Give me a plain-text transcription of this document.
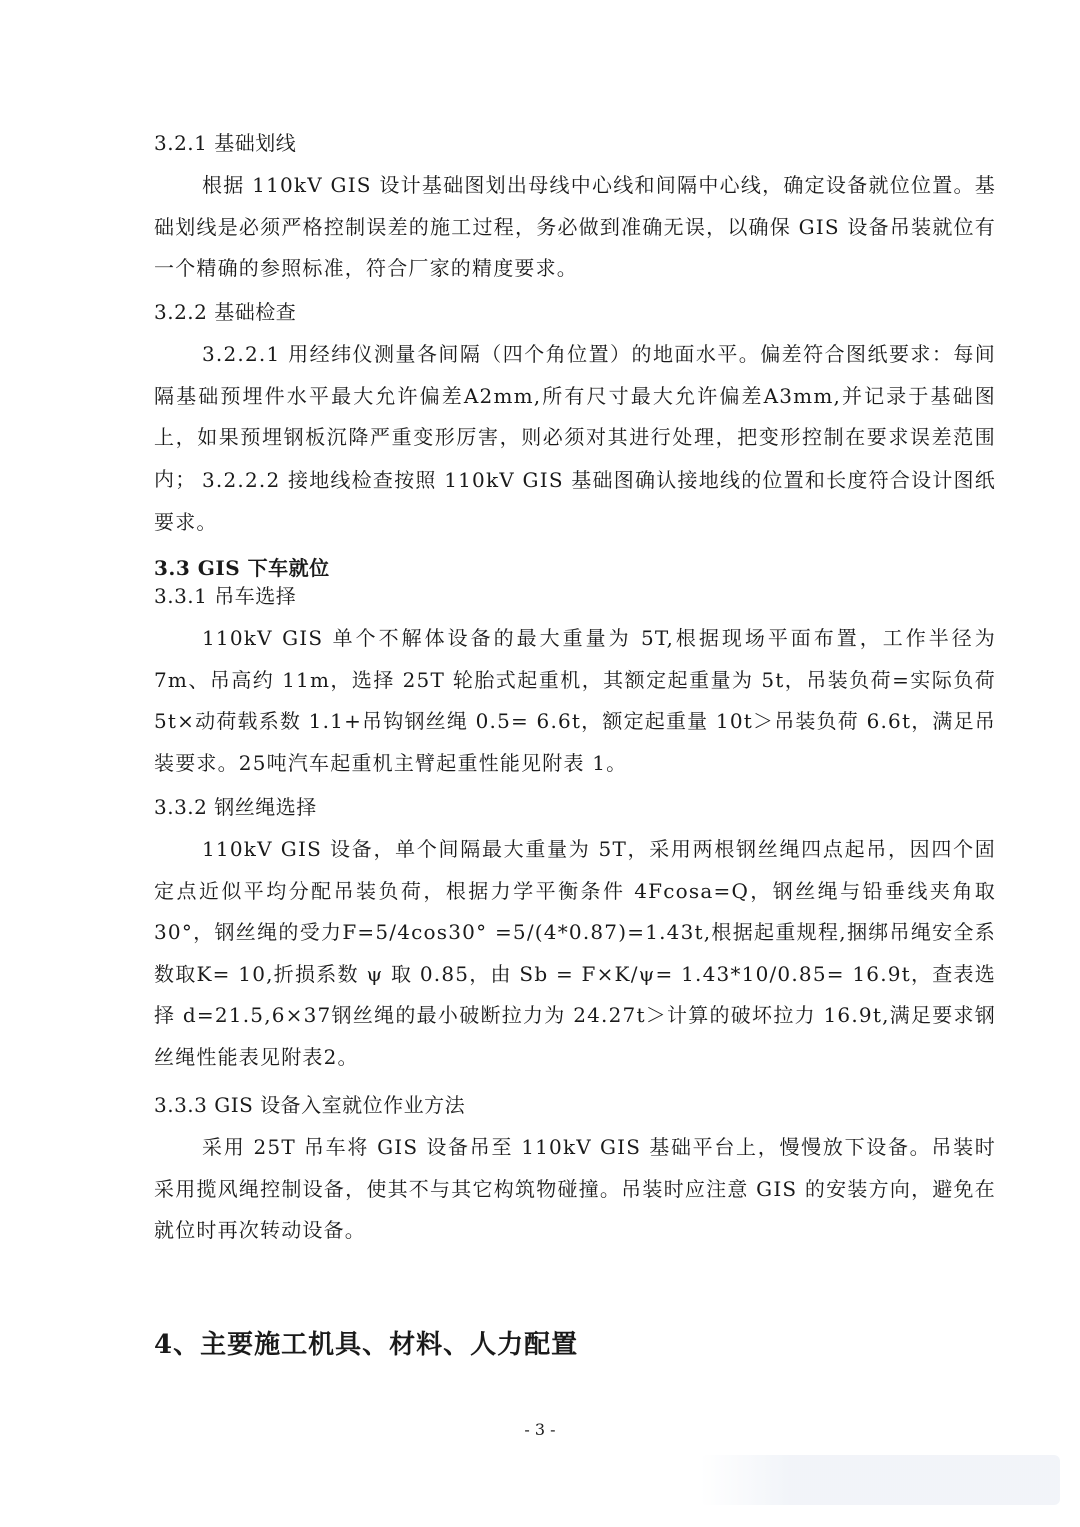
3.2.1 基础划线

根据 110kV GIS 设计基础图划出母线中心线和间隔中心线，确定设备就位位置。基础划线是必须严格控制误差的施工过程，务必做到准确无误，以确保 GIS 设备吊装就位有一个精确的参照标准，符合厂家的精度要求。

3.2.2 基础检查

3.2.2.1 用经纬仪测量各间隔（四个角位置）的地面水平。偏差符合图纸要求：每间隔基础预埋件水平最大允许偏差A2mm,所有尺寸最大允许偏差A3mm,并记录于基础图上，如果预埋钢板沉降严重变形厉害，则必须对其进行处理，把变形控制在要求误差范围内； 3.2.2.2 接地线检查按照 110kV GIS 基础图确认接地线的位置和长度符合设计图纸要求。

3.3 GIS 下车就位
3.3.1 吊车选择

110kV GIS 单个不解体设备的最大重量为 5T,根据现场平面布置，工作半径为 7m、吊高约 11m，选择 25T 轮胎式起重机，其额定起重量为 5t，吊装负荷=实际负荷 5t×动荷载系数 1.1+吊钩钢丝绳 0.5= 6.6t，额定起重量 10t＞吊装负荷 6.6t，满足吊装要求。25吨汽车起重机主臂起重性能见附表 1。

3.3.2 钢丝绳选择

110kV GIS 设备，单个间隔最大重量为 5T，采用两根钢丝绳四点起吊，因四个固定点近似平均分配吊装负荷，根据力学平衡条件 4Fcosa=Q，钢丝绳与铅垂线夹角取 30°，钢丝绳的受力F=5/4cos30° =5/(4*0.87)=1.43t,根据起重规程,捆绑吊绳安全系数取K= 10,折损系数 ψ 取 0.85，由 Sb = F×K/ψ= 1.43*10/0.85= 16.9t，查表选择 d=21.5,6×37钢丝绳的最小破断拉力为 24.27t＞计算的破坏拉力 16.9t,满足要求钢丝绳性能表见附表2。

3.3.3 GIS 设备入室就位作业方法

采用 25T 吊车将 GIS 设备吊至 110kV GIS 基础平台上，慢慢放下设备。吊装时采用揽风绳控制设备，使其不与其它构筑物碰撞。吊装时应注意 GIS 的安装方向，避免在就位时再次转动设备。

4、主要施工机具、材料、人力配置
- 3 -
